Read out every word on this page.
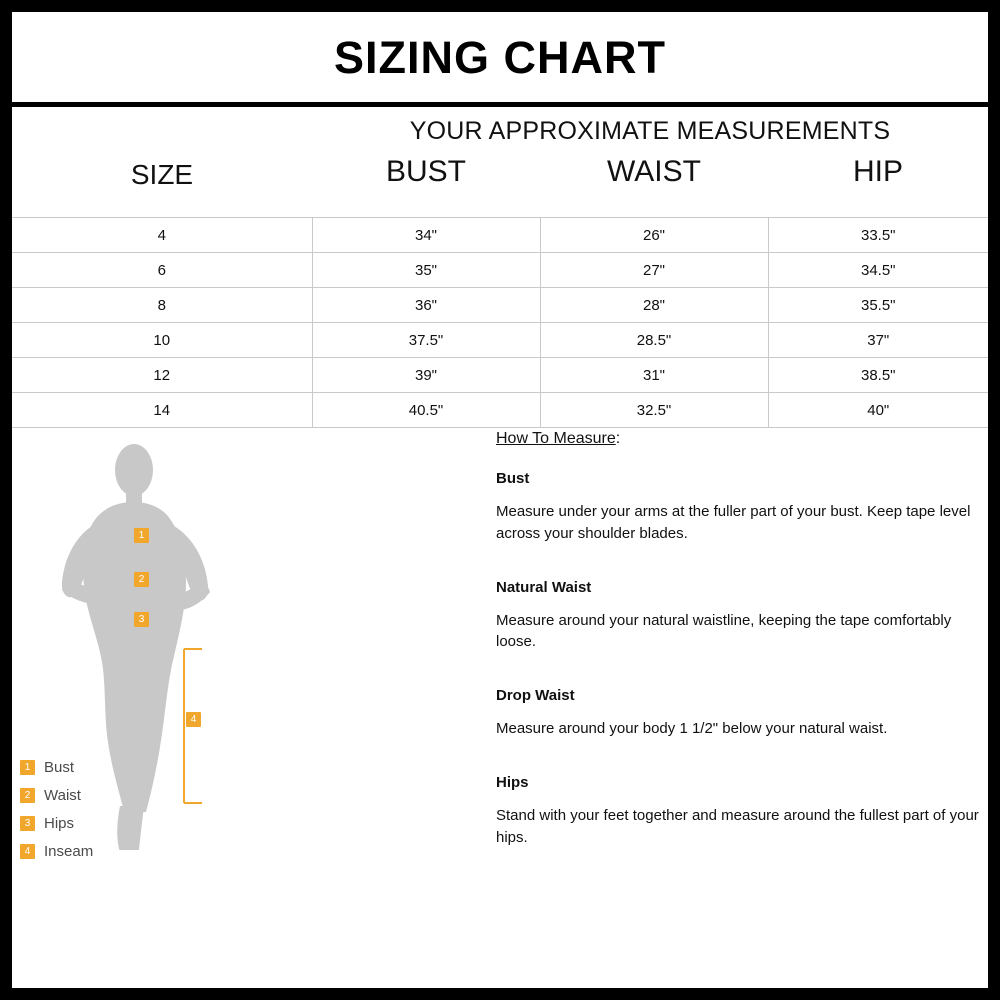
SIZING CHART
YOUR APPROXIMATE MEASUREMENTS
SIZE	BUST	WAIST	HIP
4	34"	26"	33.5"
6	35"	27"	34.5"
8	36"	28"	35.5"
10	37.5"	28.5"	37"
12	39"	31"	38.5"
14	40.5"	32.5"	40"
1
2
3
4
1 Bust
2 Waist
3 Hips
4 Inseam

How To Measure:

Bust

Measure under your arms at the fuller part of your bust. Keep tape level across your shoulder blades.

Natural Waist

Measure around your natural waistline, keeping the tape comfortably loose.

Drop Waist

Measure around your body 1 1/2" below your natural waist.

Hips

Stand with your feet together and measure around the fullest part of your hips.
